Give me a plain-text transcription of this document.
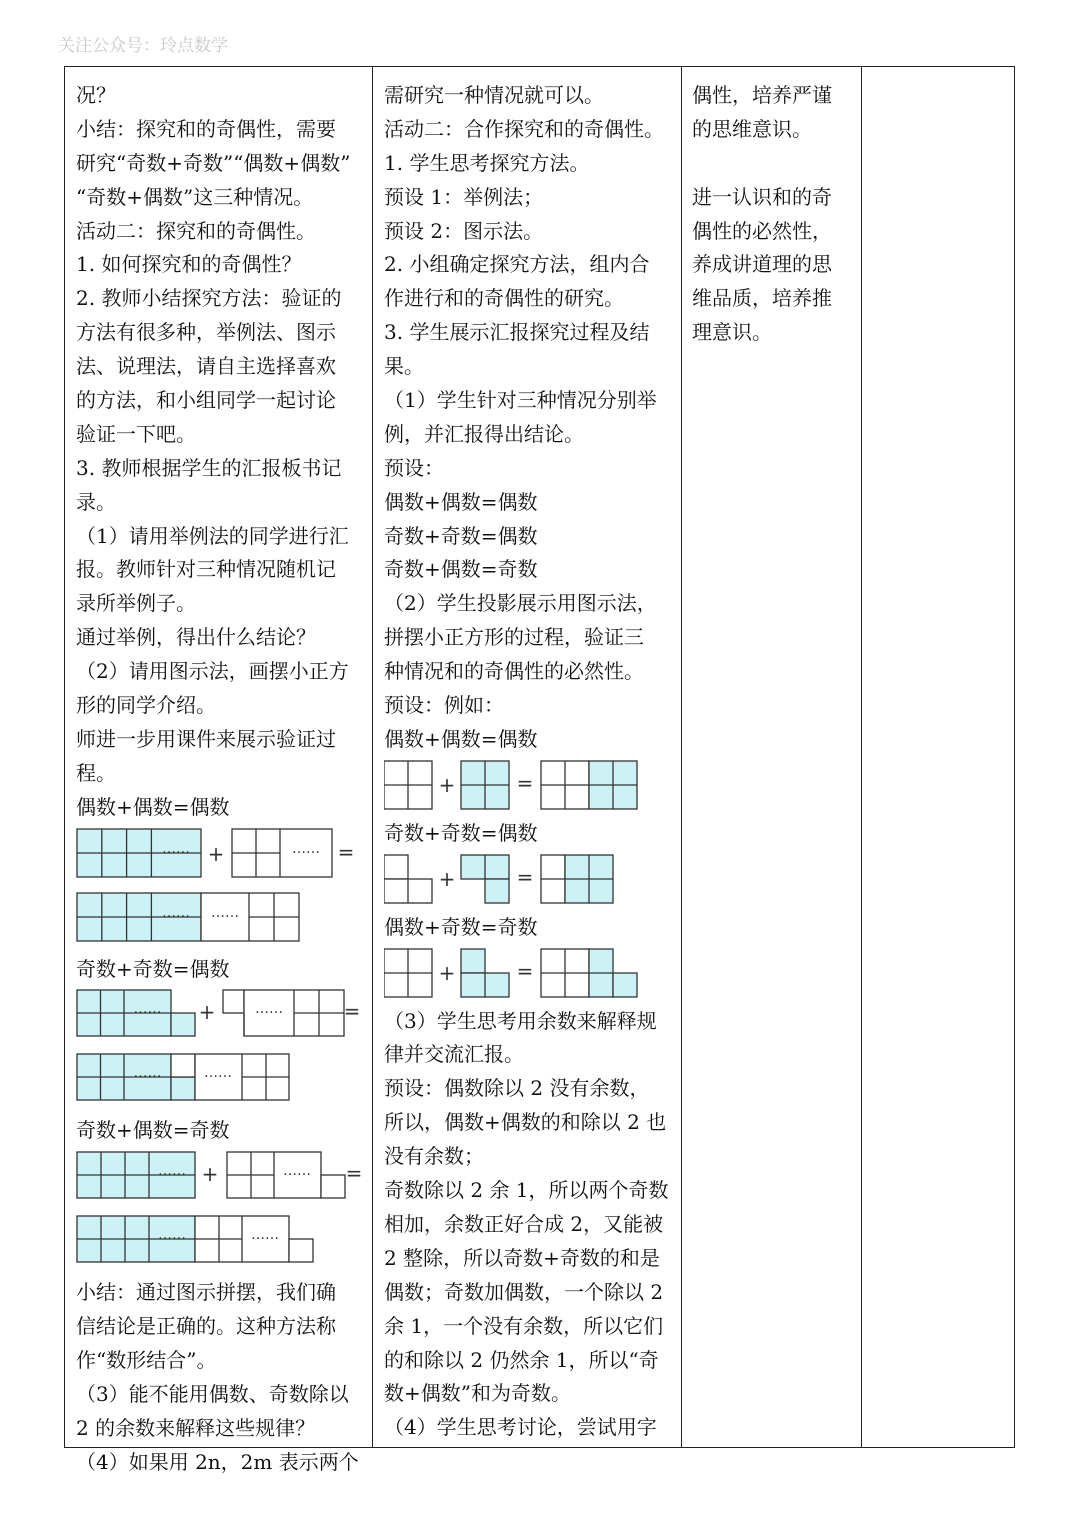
关注公众号：玲点数学
况？
小结：探究和的奇偶性，需要
研究“奇数+奇数”“偶数+偶数”
“奇数+偶数”这三种情况。
活动二：探究和的奇偶性。
1. 如何探究和的奇偶性？
2. 教师小结探究方法：验证的
方法有很多种，举例法、图示
法、说理法，请自主选择喜欢
的方法，和小组同学一起讨论
验证一下吧。
3. 教师根据学生的汇报板书记
录。
（1）请用举例法的同学进行汇
报。教师针对三种情况随机记
录所举例子。
通过举例，得出什么结论？
（2）请用图示法，画摆小正方
形的同学介绍。
师进一步用课件来展示验证过
程。
偶数+偶数=偶数
…… +	…… =
…… ……
奇数+奇数=偶数
…… +	……	=
……	……
奇数+偶数=奇数
…… +	…… =
……	……
小结：通过图示拼摆，我们确
信结论是正确的。这种方法称
作“数形结合”。
（3）能不能用偶数、奇数除以
2 的余数来解释这些规律？
（4）如果用 2n，2m 表示两个
需研究一种情况就可以。
活动二：合作探究和的奇偶性。
1. 学生思考探究方法。
预设 1：举例法；
预设 2：图示法。
2. 小组确定探究方法，组内合
作进行和的奇偶性的研究。
3. 学生展示汇报探究过程及结
果。
（1）学生针对三种情况分别举
例，并汇报得出结论。
预设：
偶数+偶数=偶数
奇数+奇数=偶数
奇数+偶数=奇数
（2）学生投影展示用图示法，
拼摆小正方形的过程，验证三
种情况和的奇偶性的必然性。
预设：例如：
偶数+偶数=偶数
+	=
奇数+奇数=偶数
+	=
偶数+奇数=奇数
+	=
（3）学生思考用余数来解释规
律并交流汇报。
预设：偶数除以 2 没有余数，
所以，偶数+偶数的和除以 2 也
没有余数；
奇数除以 2 余 1，所以两个奇数
相加，余数正好合成 2，又能被
2 整除，所以奇数+奇数的和是
偶数；奇数加偶数，一个除以 2
余 1，一个没有余数，所以它们
的和除以 2 仍然余 1，所以“奇
数+偶数”和为奇数。
（4）学生思考讨论，尝试用字
偶性，培养严谨
的思维意识。
进一认识和的奇
偶性的必然性，
养成讲道理的思
维品质，培养推
理意识。
